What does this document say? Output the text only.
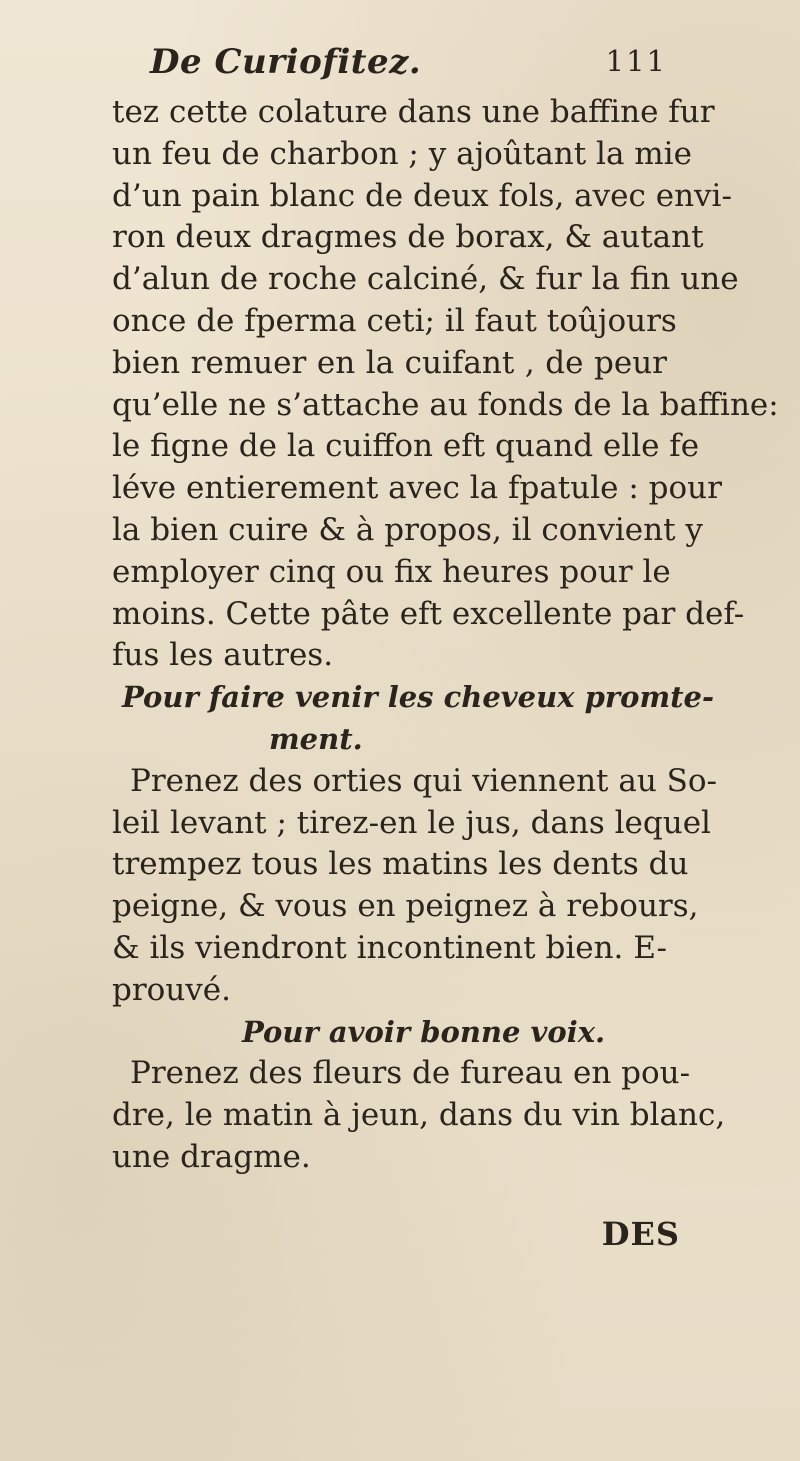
De Curiofitez.	111
tez cette colature dans une baffine fur
un feu de charbon ; y ajoûtant la mie
d’un pain blanc de deux fols, avec envi-
ron deux dragmes de borax, & autant
d’alun de roche calciné, & fur la fin une
once de fperma ceti; il faut toûjours
bien remuer en la cuifant , de peur
qu’elle ne s’attache au fonds de la baffine:
le figne de la cuiffon eft quand elle fe
léve entierement avec la fpatule : pour
la bien cuire & à propos, il convient y
employer cinq ou fix heures pour le
moins. Cette pâte eft excellente par def-
fus les autres.
Pour faire venir les cheveux promte-
ment.
Prenez des orties qui viennent au So-
leil levant ; tirez-en le jus, dans lequel
trempez tous les matins les dents du
peigne, & vous en peignez à rebours,
& ils viendront incontinent bien. E-
prouvé.
Pour avoir bonne voix.
Prenez des fleurs de fureau en pou-
dre, le matin à jeun, dans du vin blanc,
une dragme.
DES
